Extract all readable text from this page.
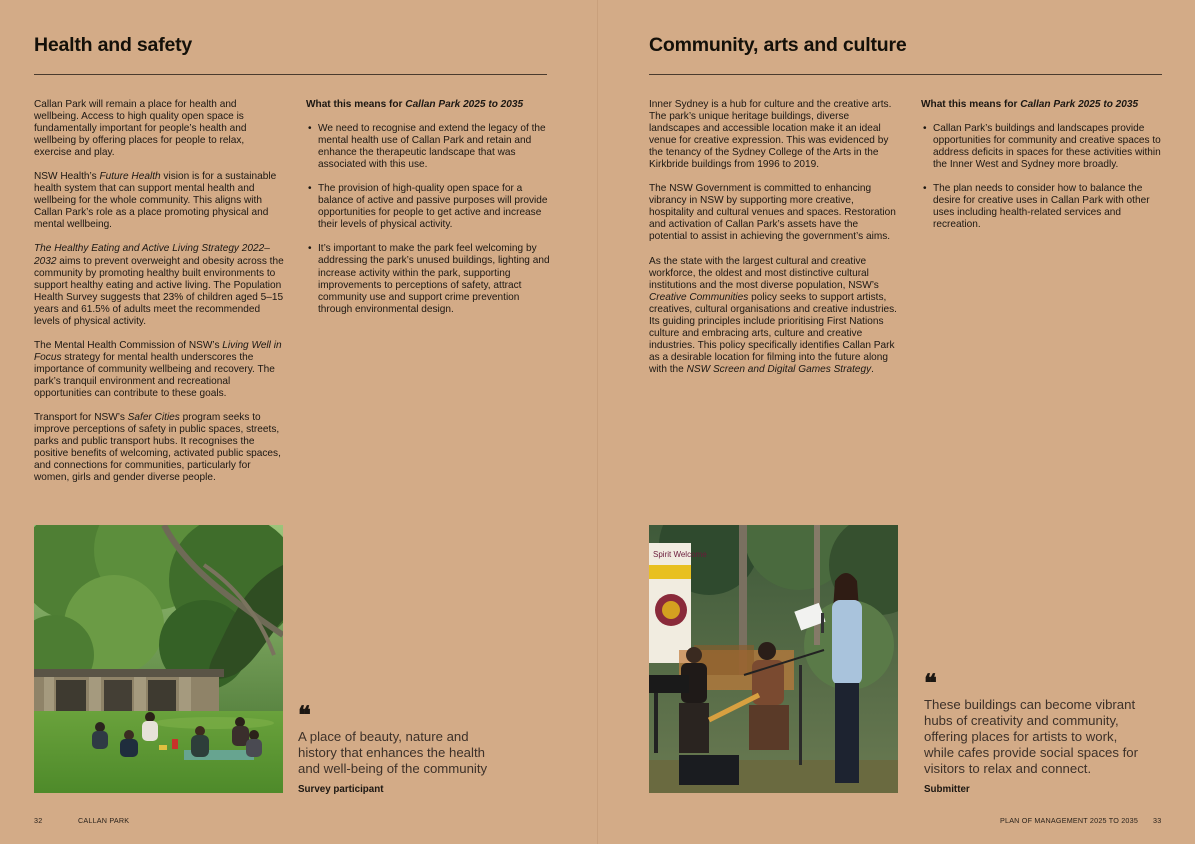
Health and safety

Callan Park will remain a place for health and wellbeing. Access to high quality open space is fundamentally important for people’s health and wellbeing by offering places for people to relax, exercise and play.

NSW Health’s Future Health vision is for a sustainable health system that can support mental health and wellbeing for the whole community. This aligns with Callan Park’s role as a place promoting physical and mental wellbeing.

The Healthy Eating and Active Living Strategy 2022–2032 aims to prevent overweight and obesity across the community by promoting healthy built environments to support healthy eating and active living. The Population Health Survey suggests that 23% of children aged 5–15 years and 61.5% of adults meet the recommended levels of physical activity.

The Mental Health Commission of NSW’s Living Well in Focus strategy for mental health underscores the importance of community wellbeing and recovery. The park’s tranquil environment and recreational opportunities can contribute to these goals.

Transport for NSW’s Safer Cities program seeks to improve perceptions of safety in public spaces, streets, parks and public transport hubs. It recognises the positive benefits of welcoming, activated public spaces, and connections for communities, particularly for women, girls and gender diverse people.

What this means for Callan Park 2025 to 2035
• We need to recognise and extend the legacy of the mental health use of Callan Park and retain and enhance the therapeutic landscape that was associated with this use.
• The provision of high-quality open space for a balance of active and passive purposes will provide opportunities for people to get active and increase their levels of physical activity.
• It’s important to make the park feel welcoming by addressing the park’s unused buildings, lighting and increase activity within the park, supporting improvements to perceptions of safety, attract community use and support crime prevention through environmental design.
❝
A place of beauty, nature and history that enhances the health and well-being of the community
Survey participant
32	CALLAN PARK
Community, arts and culture

Inner Sydney is a hub for culture and the creative arts. The park’s unique heritage buildings, diverse landscapes and accessible location make it an ideal venue for creative expression. This was evidenced by the tenancy of the Sydney College of the Arts in the Kirkbride buildings from 1996 to 2019.

The NSW Government is committed to enhancing vibrancy in NSW by supporting more creative, hospitality and cultural venues and spaces. Restoration and activation of Callan Park’s assets have the potential to assist in achieving the government’s aims.

As the state with the largest cultural and creative workforce, the oldest and most distinctive cultural institutions and the most diverse population, NSW’s Creative Communities policy seeks to support artists, creatives, cultural organisations and creative industries. Its guiding principles include prioritising First Nations culture and embracing arts, culture and creative industries. This policy specifically identifies Callan Park as a desirable location for filming into the future along with the NSW Screen and Digital Games Strategy.

What this means for Callan Park 2025 to 2035
• Callan Park’s buildings and landscapes provide opportunities for community and creative spaces to address deficits in spaces for these activities within the Inner West and Sydney more broadly.
• The plan needs to consider how to balance the desire for creative uses in Callan Park with other uses including health-related services and recreation.
Spirit Welcome
❝
These buildings can become vibrant hubs of creativity and community, offering places for artists to work, while cafes provide social spaces for visitors to relax and connect.
Submitter
PLAN OF MANAGEMENT 2025 TO 2035 33
